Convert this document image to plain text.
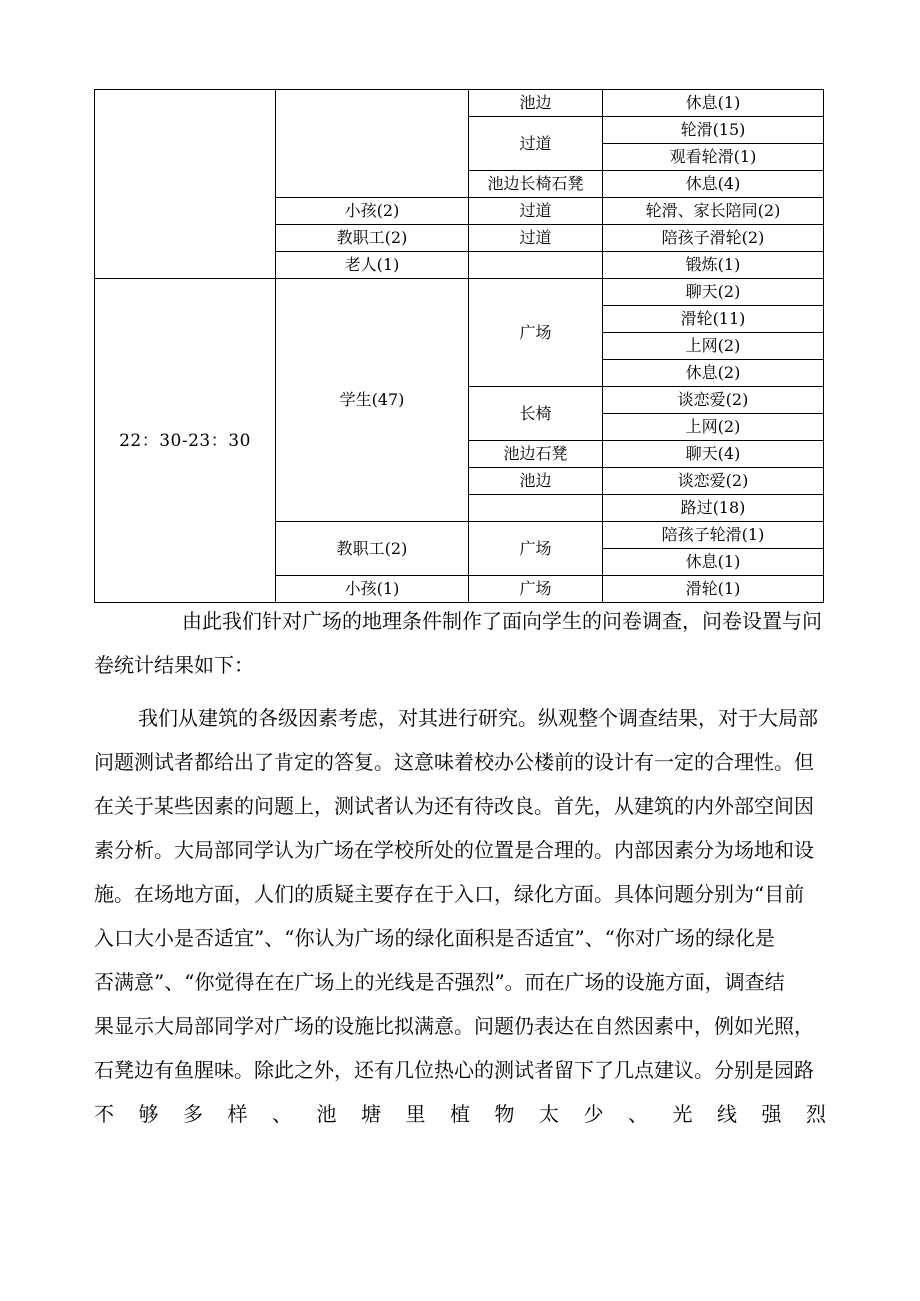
		池边	休息(1)
		过道	轮滑(15)
			观看轮滑(1)
		池边长椅石凳	休息(4)
	小孩(2)	过道	轮滑、家长陪同(2)
	教职工(2)	过道	陪孩子滑轮(2)
	老人(1)		锻炼(1)
22：30-23：30	学生(47)	广场	聊天(2)
			滑轮(11)
			上网(2)
			休息(2)
		长椅	谈恋爱(2)
			上网(2)
		池边石凳	聊天(4)
		池边	谈恋爱(2)
			路过(18)
	教职工(2)	广场	陪孩子轮滑(1)
			休息(1)
	小孩(1)	广场	滑轮(1)
由此我们针对广场的地理条件制作了面向学生的问卷调查，问卷设置与问
卷统计结果如下：
我们从建筑的各级因素考虑，对其进行研究。纵观整个调查结果，对于大局部
问题测试者都给出了肯定的答复。这意味着校办公楼前的设计有一定的合理性。但
在关于某些因素的问题上，测试者认为还有待改良。首先，从建筑的内外部空间因
素分析。大局部同学认为广场在学校所处的位置是合理的。内部因素分为场地和设
施。在场地方面，人们的质疑主要存在于入口，绿化方面。具体问题分别为“目前
入口大小是否适宜”、“你认为广场的绿化面积是否适宜”、“你对广场的绿化是
否满意”、“你觉得在在广场上的光线是否强烈”。而在广场的设施方面，调查结
果显示大局部同学对广场的设施比拟满意。问题仍表达在自然因素中，例如光照，
石凳边有鱼腥味。除此之外，还有几位热心的测试者留下了几点建议。分别是园路
不 够 多 样 、 池 塘 里 植 物 太 少 、 光 线 强 烈
